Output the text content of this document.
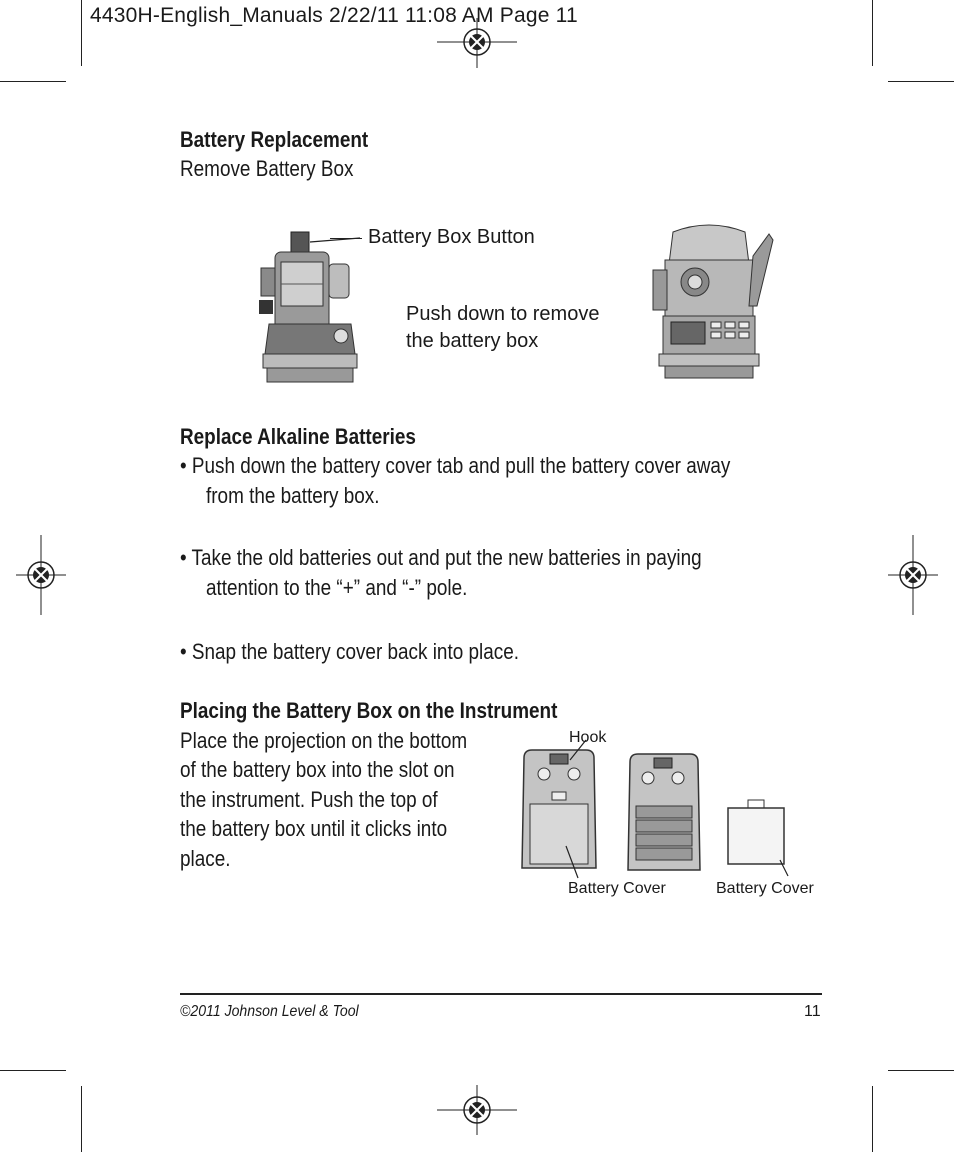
4430H-English_Manuals 2/22/11 11:08 AM Page 11
Battery Replacement
Remove Battery Box
Battery Box Button
Push down to remove
the battery box
Replace Alkaline Batteries
• Push down the battery cover tab and pull the battery cover away
from the battery box.
• Take the old batteries out and put the new batteries in paying
attention to the “+” and “-” pole.
• Snap the battery cover back into place.
Placing the Battery Box on the Instrument
Place the projection on the bottom
of the battery box into the slot on
the instrument. Push the top of
the battery box until it clicks into
place.
Hook
Battery Cover	Battery Cover
©2011 Johnson Level & Tool	11
